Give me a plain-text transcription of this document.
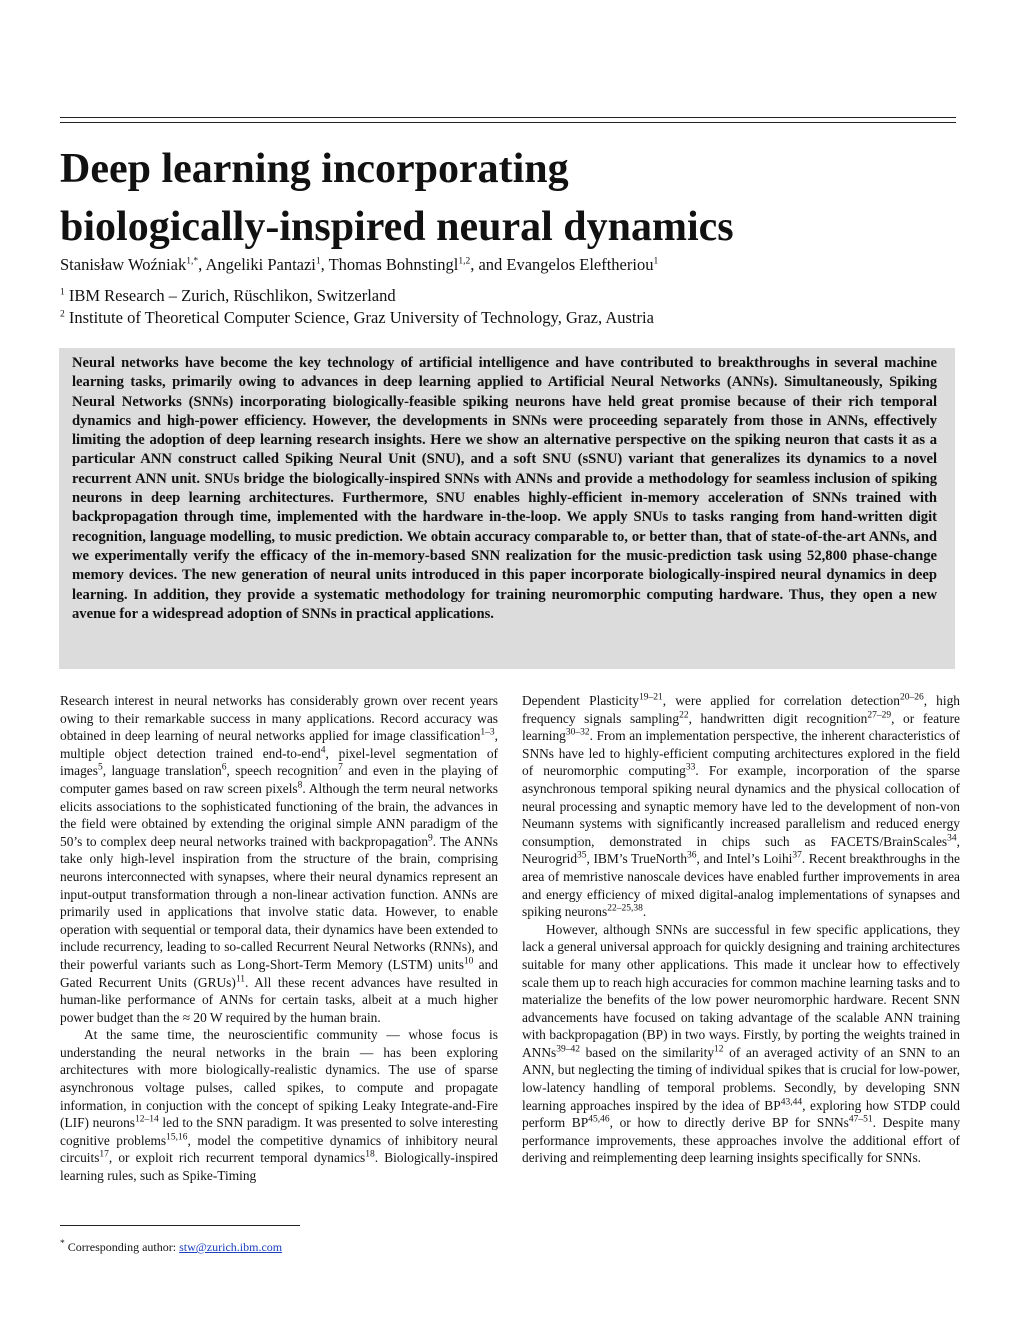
Deep learning incorporating
biologically-inspired neural dynamics
Stanisław Woźniak$^{1,*}$, Angeliki Pantazi$^1$, Thomas Bohnstingl$^{1,2}$, and Evangelos Eleftheriou$^1$
$^1$ IBM Research – Zurich, Rüschlikon, Switzerland
$^2$ Institute of Theoretical Computer Science, Graz University of Technology, Graz, Austria

Neural networks have become the key technology of artificial intelligence and have contributed to breakthroughs in several machine learning tasks, primarily owing to advances in deep learning applied to Artificial Neural Networks (ANNs). Simultaneously, Spiking Neural Networks (SNNs) incorporating biologically-feasible spiking neurons have held great promise because of their rich temporal dynamics and high-power efficiency. However, the developments in SNNs were proceeding separately from those in ANNs, effectively limiting the adoption of deep learning research insights. Here we show an alternative perspective on the spiking neuron that casts it as a particular ANN construct called Spiking Neural Unit (SNU), and a soft SNU (sSNU) variant that generalizes its dynamics to a novel recurrent ANN unit. SNUs bridge the biologically-inspired SNNs with ANNs and provide a methodology for seamless inclusion of spiking neurons in deep learning architectures. Furthermore, SNU enables highly-efficient in-memory acceleration of SNNs trained with backpropagation through time, implemented with the hardware in-the-loop. We apply SNUs to tasks ranging from hand-written digit recognition, language modelling, to music prediction. We obtain accuracy comparable to, or better than, that of state-of-the-art ANNs, and we experimentally verify the efficacy of the in-memory-based SNN realization for the music-prediction task using 52,800 phase-change memory devices. The new generation of neural units introduced in this paper incorporate biologically-inspired neural dynamics in deep learning. In addition, they provide a systematic methodology for training neuromorphic computing hardware. Thus, they open a new avenue for a widespread adoption of SNNs in practical applications.

Research interest in neural networks has considerably grown over recent years owing to their remarkable success in many applications. Record accuracy was obtained in deep learning of neural networks applied for image classification$^{1-3}$, multiple object detection trained end-to-end$^4$, pixel-level segmentation of images$^5$, language translation$^6$, speech recognition$^7$ and even in the playing of computer games based on raw screen pixels$^8$. Although the term neural networks elicits associations to the sophisticated functioning of the brain, the advances in the field were obtained by extending the original simple ANN paradigm of the 50’s to complex deep neural networks trained with backpropagation$^9$. The ANNs take only high-level inspiration from the structure of the brain, comprising neurons interconnected with synapses, where their neural dynamics represent an input-output transformation through a non-linear activation function. ANNs are primarily used in applications that involve static data. However, to enable operation with sequential or temporal data, their dynamics have been extended to include recurrency, leading to so-called Recurrent Neural Networks (RNNs), and their powerful variants such as Long-Short-Term Memory (LSTM) units$^{10}$ and Gated Recurrent Units (GRUs)$^{11}$. All these recent advances have resulted in human-like performance of ANNs for certain tasks, albeit at a much higher power budget than the ≈ 20 W required by the human brain.

At the same time, the neuroscientific community — whose focus is understanding the neural networks in the brain — has been exploring architectures with more biologically-realistic dynamics. The use of sparse asynchronous voltage pulses, called spikes, to compute and propagate information, in conjuction with the concept of spiking Leaky Integrate-and-Fire (LIF) neurons$^{12-14}$ led to the SNN paradigm. It was presented to solve interesting cognitive problems$^{15,16}$, model the competitive dynamics of inhibitory neural circuits$^{17}$, or exploit rich recurrent temporal dynamics$^{18}$. Biologically-inspired learning rules, such as Spike-Timing

Dependent Plasticity$^{19-21}$, were applied for correlation detection$^{20-26}$, high frequency signals sampling$^{22}$, handwritten digit recognition$^{27-29}$, or feature learning$^{30-32}$. From an implementation perspective, the inherent characteristics of SNNs have led to highly-efficient computing architectures explored in the field of neuromorphic computing$^{33}$. For example, incorporation of the sparse asynchronous temporal spiking neural dynamics and the physical collocation of neural processing and synaptic memory have led to the development of non-von Neumann systems with significantly increased parallelism and reduced energy consumption, demonstrated in chips such as FACETS/BrainScales$^{34}$, Neurogrid$^{35}$, IBM’s TrueNorth$^{36}$, and Intel’s Loihi$^{37}$. Recent breakthroughs in the area of memristive nanoscale devices have enabled further improvements in area and energy efficiency of mixed digital-analog implementations of synapses and spiking neurons$^{22-25,38}$.

However, although SNNs are successful in few specific applications, they lack a general universal approach for quickly designing and training architectures suitable for many other applications. This made it unclear how to effectively scale them up to reach high accuracies for common machine learning tasks and to materialize the benefits of the low power neuromorphic hardware. Recent SNN advancements have focused on taking advantage of the scalable ANN training with backpropagation (BP) in two ways. Firstly, by porting the weights trained in ANNs$^{39-42}$ based on the similarity$^{12}$ of an averaged activity of an SNN to an ANN, but neglecting the timing of individual spikes that is crucial for low-power, low-latency handling of temporal problems. Secondly, by developing SNN learning approaches inspired by the idea of BP$^{43,44}$, exploring how STDP could perform BP$^{45,46}$, or how to directly derive BP for SNNs$^{47-51}$. Despite many performance improvements, these approaches involve the additional effort of deriving and reimplementing deep learning insights specifically for SNNs.

* Corresponding author: stw@zurich.ibm.com
